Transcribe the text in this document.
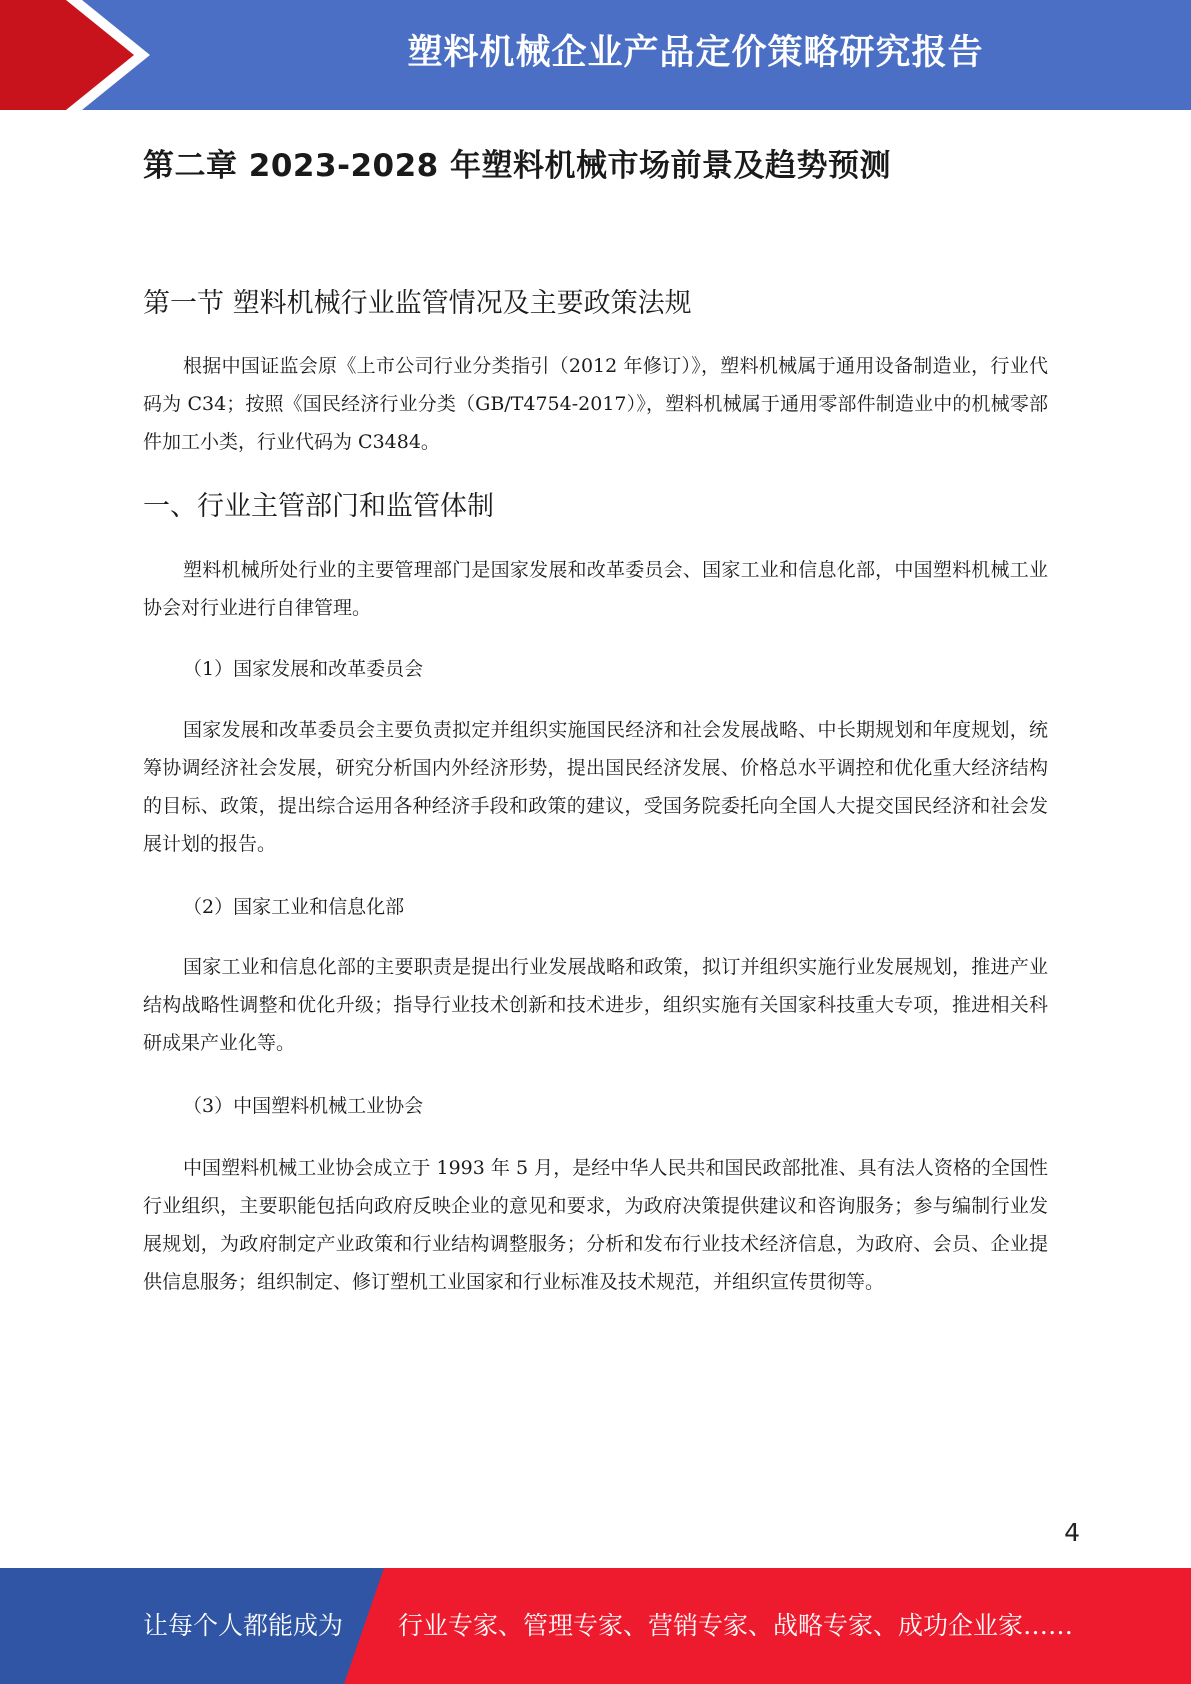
塑料机械企业产品定价策略研究报告
第二章 2023-2028 年塑料机械市场前景及趋势预测
第一节 塑料机械行业监管情况及主要政策法规

根据中国证监会原《上市公司行业分类指引（2012 年修订）》，塑料机械属于通用设备制造业，行业代码为 C34；按照《国民经济行业分类（GB/T4754-2017）》，塑料机械属于通用零部件制造业中的机械零部件加工小类，行业代码为 C3484。

一、行业主管部门和监管体制

塑料机械所处行业的主要管理部门是国家发展和改革委员会、国家工业和信息化部，中国塑料机械工业协会对行业进行自律管理。

（1）国家发展和改革委员会

国家发展和改革委员会主要负责拟定并组织实施国民经济和社会发展战略、中长期规划和年度规划，统筹协调经济社会发展，研究分析国内外经济形势，提出国民经济发展、价格总水平调控和优化重大经济结构的目标、政策，提出综合运用各种经济手段和政策的建议，受国务院委托向全国人大提交国民经济和社会发展计划的报告。

（2）国家工业和信息化部

国家工业和信息化部的主要职责是提出行业发展战略和政策，拟订并组织实施行业发展规划，推进产业结构战略性调整和优化升级；指导行业技术创新和技术进步，组织实施有关国家科技重大专项，推进相关科研成果产业化等。

（3）中国塑料机械工业协会

中国塑料机械工业协会成立于 1993 年 5 月，是经中华人民共和国民政部批准、具有法人资格的全国性行业组织，主要职能包括向政府反映企业的意见和要求，为政府决策提供建议和咨询服务；参与编制行业发展规划，为政府制定产业政策和行业结构调整服务；分析和发布行业技术经济信息，为政府、会员、企业提供信息服务；组织制定、修订塑机工业国家和行业标准及技术规范，并组织宣传贯彻等。

4
让每个人都能成为 行业专家、管理专家、营销专家、战略专家、成功企业家……
